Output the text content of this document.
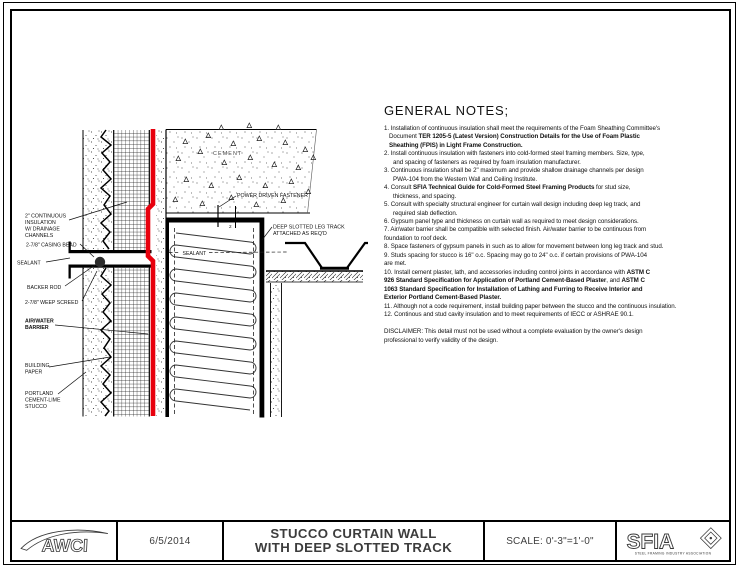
CEMENT
2
SEALANT
2" CONTINUOUS
INSULATION
W/ DRAINAGE
CHANNELS
2-7/8" CASING BEAD
SEALANT
BACKER ROD
2-7/8" WEEP SCREED
AIR/WATER
BARRIER
BUILDING
PAPER
PORTLAND
CEMENT-LIME
STUCCO
POWER DRIVEN FASTENER
DEEP SLOTTED LEG TRACK
ATTACHED AS REQ'D
GENERAL NOTES;
1. Installation of continuous insulation shall meet the requirements of the Foam Sheathing Committee's
Document TER 1205-5 (Latest Version) Construction Details for the Use of Foam Plastic
Sheathing (FPIS) in Light Frame Construction.
2. Install continuous insulation with fasteners into cold-formed steel framing members. Size, type,
and spacing of fasteners as required by foam insulation manufacturer.
3. Continuous insulation shall be 2" maximum and provide shallow drainage channels per design
PWA-104 from the Western Wall and Ceiling Institute.
4. Consult SFIA Technical Guide for Cold-Formed Steel Framing Products for stud size,
thickness, and spacing.
5. Consult with specialty structural engineer for curtain wall design including deep leg track, and
required slab deflection.
6. Gypsum panel type and thickness on curtain wall as required to meet design considerations.
7. Air/water barrier shall be compatible with selected finish. Air/water barrier to be continuous from
foundation to roof deck.
8. Space fasteners of gypsum panels in such as to allow for movement between long leg track and stud.
9. Studs spacing for stucco is 16" o.c. Spacing may go to 24" o.c. if certain provisions of PWA-104
are met.
10. Install cement plaster, lath, and accessories including control joints in accordance with ASTM C
926 Standard Specification for Application of Portland Cement-Based Plaster, and ASTM C
1063 Standard Specification for Installation of Lathing and Furring to Receive Interior and
Exterior Portland Cement-Based Plaster.
11. Although not a code requirement, install building paper between the stucco and the continuous insulation.
12. Continous and stud cavity insulation and to meet requirements of IECC or ASHRAE 90.1.
DISCLAIMER: This detail must not be used without a complete evaluation by the owner's design
professional to verify validity of the design.
AWCI	6/5/2014
STUCCO CURTAIN WALL
WITH DEEP SLOTTED TRACK	SCALE: 0'-3"=1'-0" SFIA
STEEL FRAMING INDUSTRY ASSOCIATION
